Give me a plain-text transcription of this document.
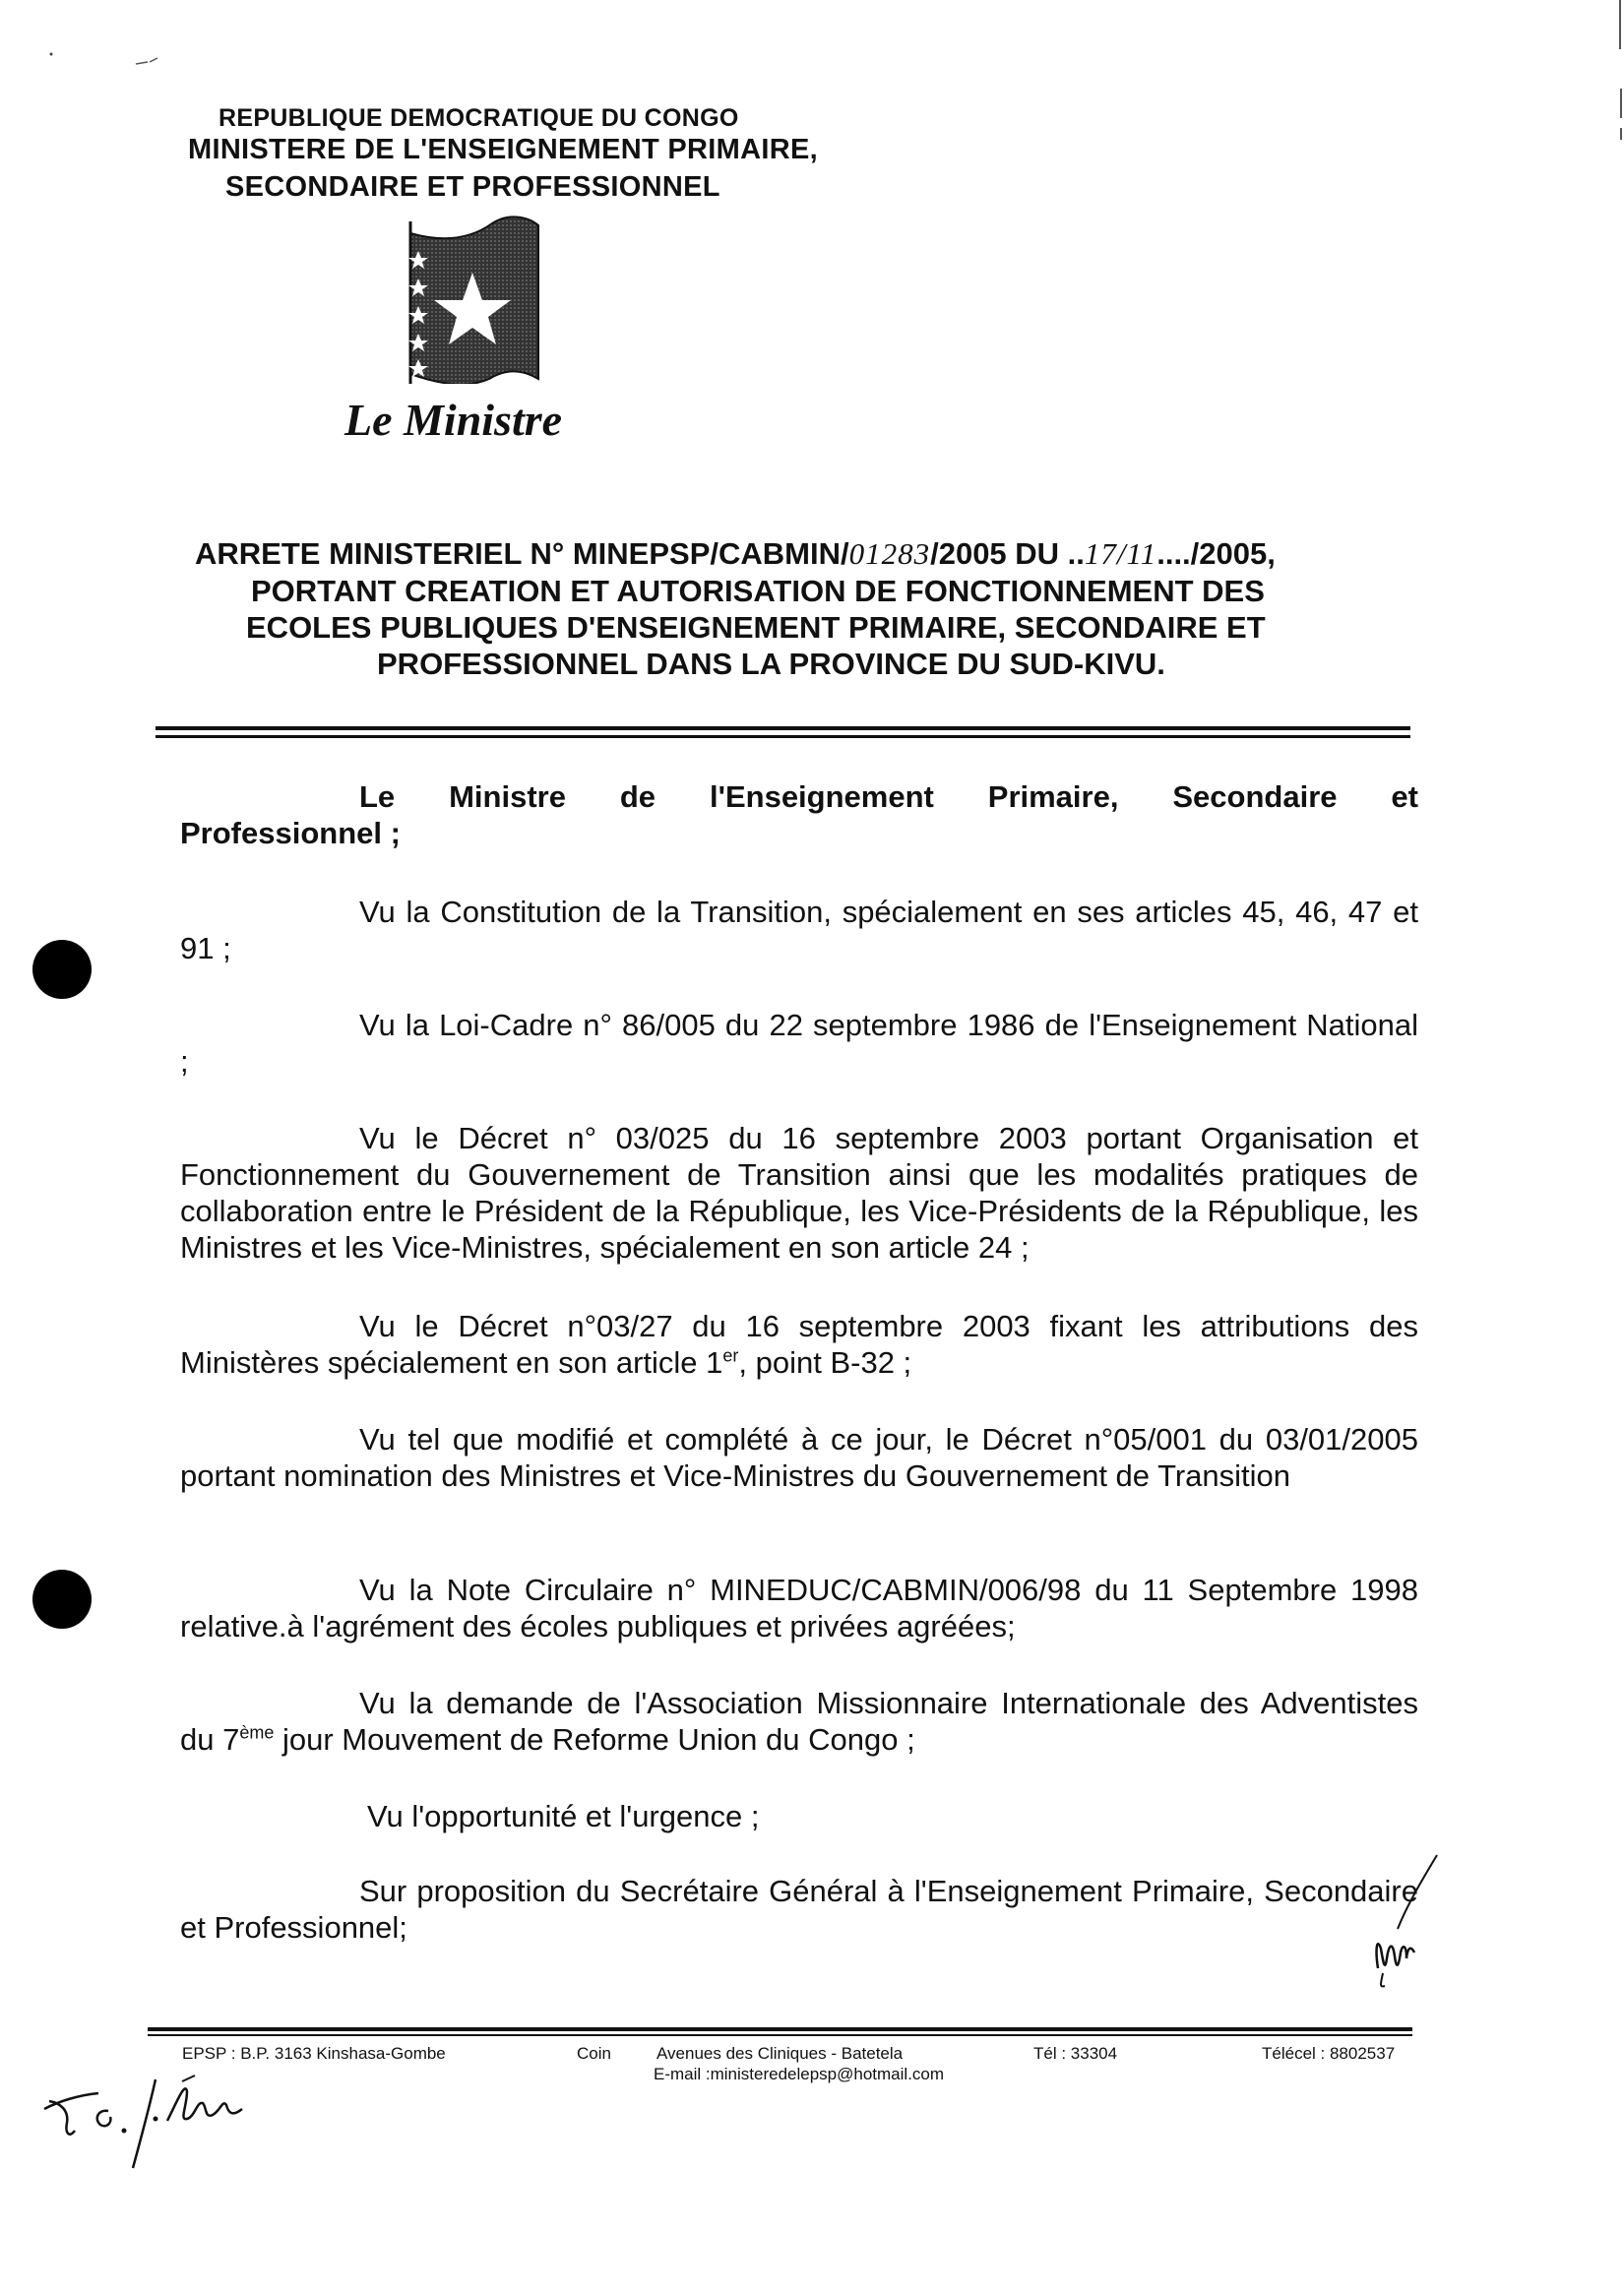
REPUBLIQUE DEMOCRATIQUE DU CONGO
MINISTERE DE L'ENSEIGNEMENT PRIMAIRE,
SECONDAIRE ET PROFESSIONNEL
Le Ministre
ARRETE MINISTERIEL N° MINEPSP/CABMIN/01283/2005 DU ..17/11..../2005,
PORTANT CREATION ET AUTORISATION DE FONCTIONNEMENT DES
ECOLES PUBLIQUES D'ENSEIGNEMENT PRIMAIRE, SECONDAIRE ET
PROFESSIONNEL DANS LA PROVINCE DU SUD-KIVU.
Le Ministre de l'Enseignement Primaire, Secondaire et
Professionnel ;
Vu la Constitution de la Transition, spécialement en ses articles 45, 46, 47 et 91 ;
Vu la Loi-Cadre n° 86/005 du 22 septembre 1986 de l'Enseignement National ;
Vu le Décret n° 03/025 du 16 septembre 2003 portant Organisation et Fonctionnement du Gouvernement de Transition ainsi que les modalités pratiques de collaboration entre le Président de la République, les Vice-Présidents de la République, les Ministres et les Vice-Ministres, spécialement en son article 24 ;
Vu le Décret n°03/27 du 16 septembre 2003 fixant les attributions des Ministères spécialement en son article 1er, point B-32 ;
Vu tel que modifié et complété à ce jour, le Décret n°05/001 du 03/01/2005 portant nomination des Ministres et Vice-Ministres du Gouvernement de Transition
Vu la Note Circulaire n° MINEDUC/CABMIN/006/98 du 11 Septembre 1998 relative.à l'agrément des écoles publiques et privées agréées;
Vu la demande de l'Association Missionnaire Internationale des Adventistes du 7ème jour Mouvement de Reforme Union du Congo ;
Vu l'opportunité et l'urgence ;
Sur proposition du Secrétaire Général à l'Enseignement Primaire, Secondaire et Professionnel;
EPSP : B.P. 3163 Kinshasa-Gombe	Coin	Avenues des Cliniques - Batetela	Tél : 33304	Télécel : 8802537
E-mail :ministeredelepsp@hotmail.com
